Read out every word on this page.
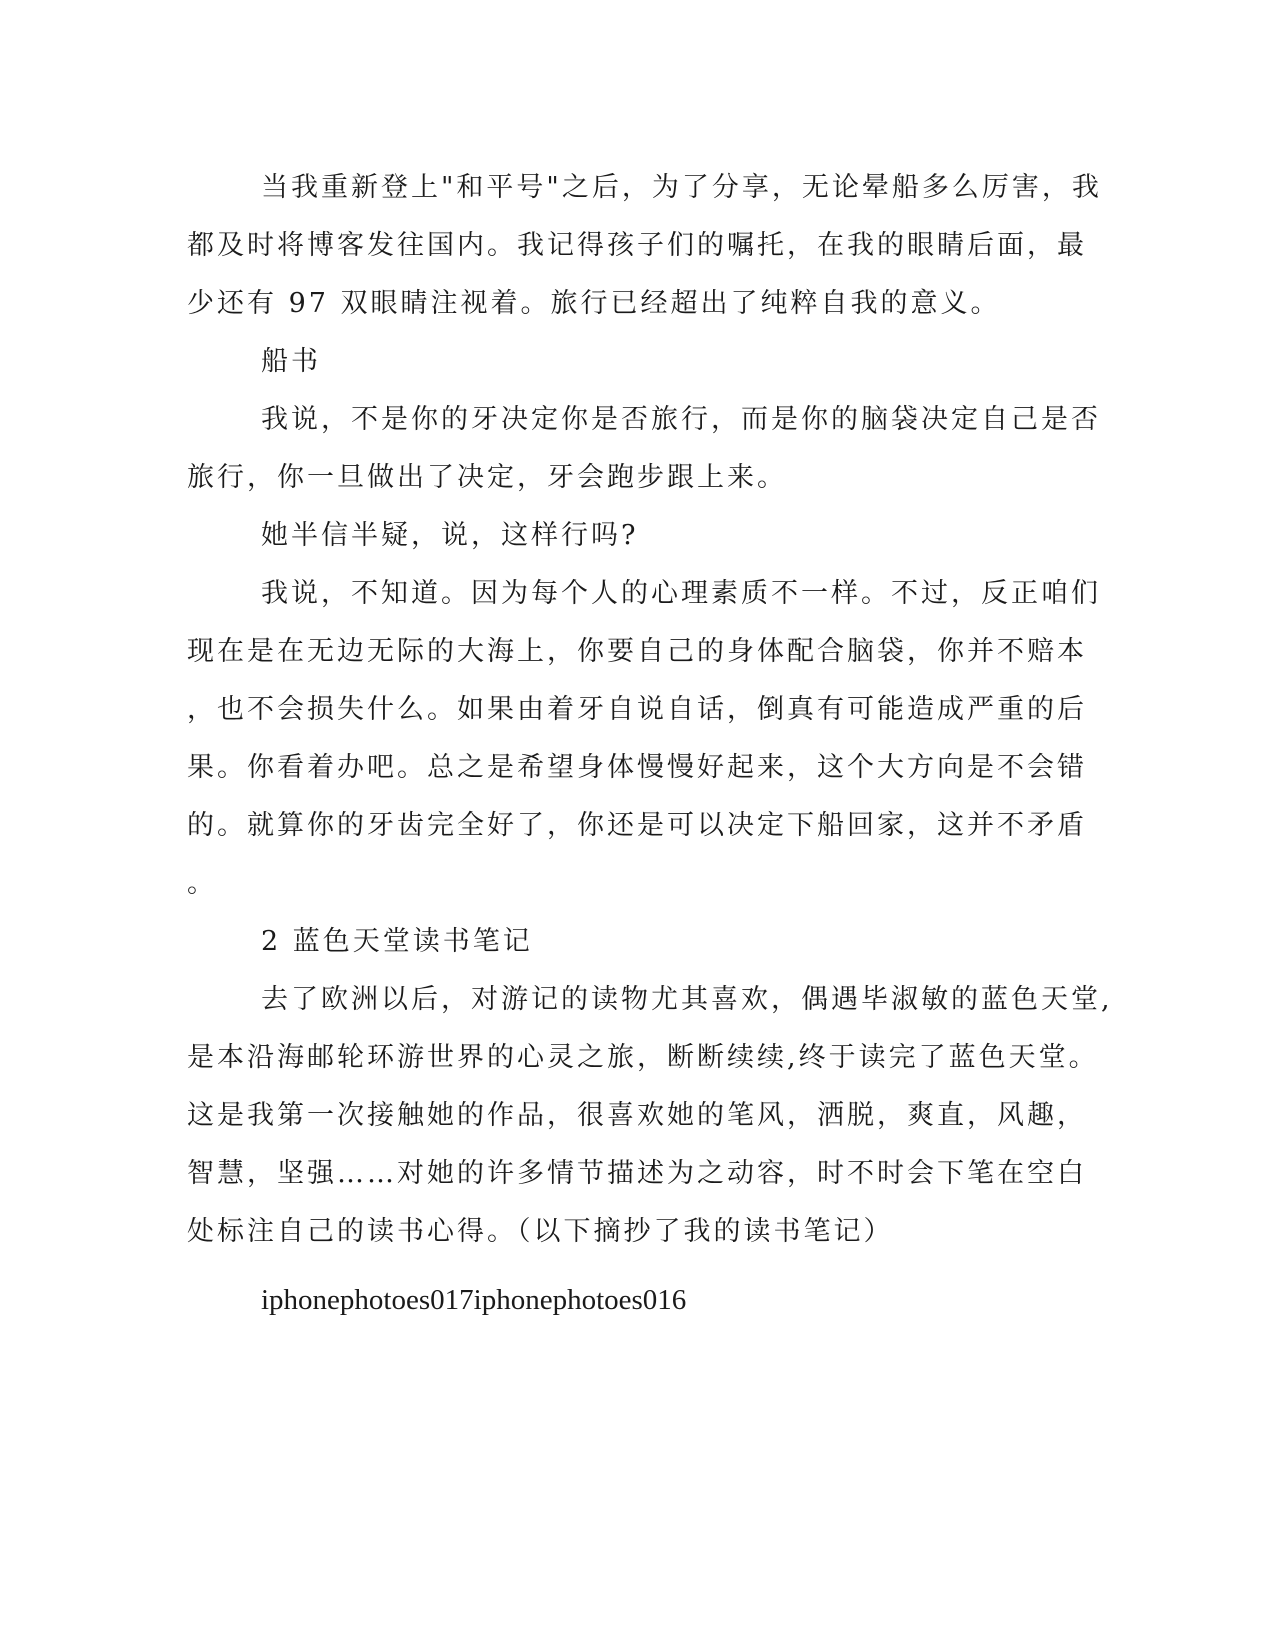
当我重新登上"和平号"之后，为了分享，无论晕船多么厉害，我
都及时将博客发往国内。我记得孩子们的嘱托，在我的眼睛后面，最
少还有 97 双眼睛注视着。旅行已经超出了纯粹自我的意义。
船书
我说，不是你的牙决定你是否旅行，而是你的脑袋决定自己是否
旅行，你一旦做出了决定，牙会跑步跟上来。
她半信半疑，说，这样行吗?
我说，不知道。因为每个人的心理素质不一样。不过，反正咱们
现在是在无边无际的大海上，你要自己的身体配合脑袋，你并不赔本
，也不会损失什么。如果由着牙自说自话，倒真有可能造成严重的后
果。你看着办吧。总之是希望身体慢慢好起来，这个大方向是不会错
的。就算你的牙齿完全好了，你还是可以决定下船回家，这并不矛盾
。
2 蓝色天堂读书笔记
去了欧洲以后，对游记的读物尤其喜欢，偶遇毕淑敏的蓝色天堂,
是本沿海邮轮环游世界的心灵之旅，断断续续,终于读完了蓝色天堂。
这是我第一次接触她的作品，很喜欢她的笔风，洒脱，爽直，风趣，
智慧，坚强……对她的许多情节描述为之动容，时不时会下笔在空白
处标注自己的读书心得。（以下摘抄了我的读书笔记）
iphonephotoes017iphonephotoes016
